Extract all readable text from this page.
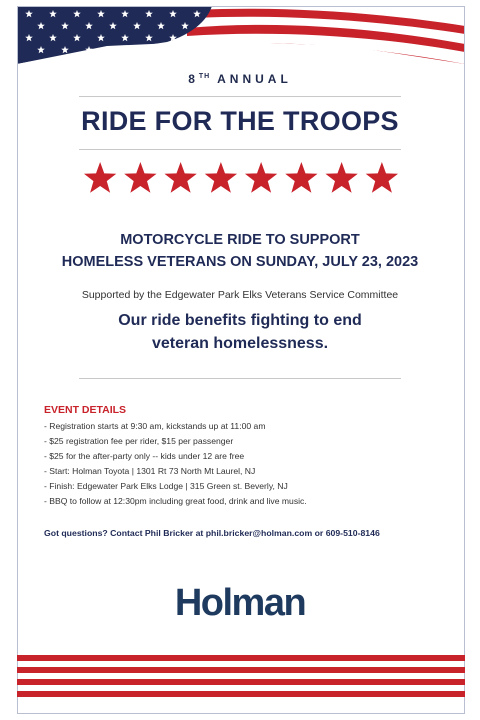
8TH ANNUAL
RIDE FOR THE TROOPS
MOTORCYCLE RIDE TO SUPPORT
HOMELESS VETERANS ON SUNDAY, JULY 23, 2023
Supported by the Edgewater Park Elks Veterans Service Committee
Our ride benefits fighting to end
veteran homelessness.
EVENT DETAILS
- Registration starts at 9:30 am, kickstands up at 11:00 am
- $25 registration fee per rider, $15 per passenger
- $25 for the after-party only -- kids under 12 are free
- Start: Holman Toyota | 1301 Rt 73 North Mt Laurel, NJ
- Finish: Edgewater Park Elks Lodge | 315 Green st. Beverly, NJ
- BBQ to follow at 12:30pm including great food, drink and live music.
Got questions? Contact Phil Bricker at phil.bricker@holman.com or 609-510-8146
Holman
